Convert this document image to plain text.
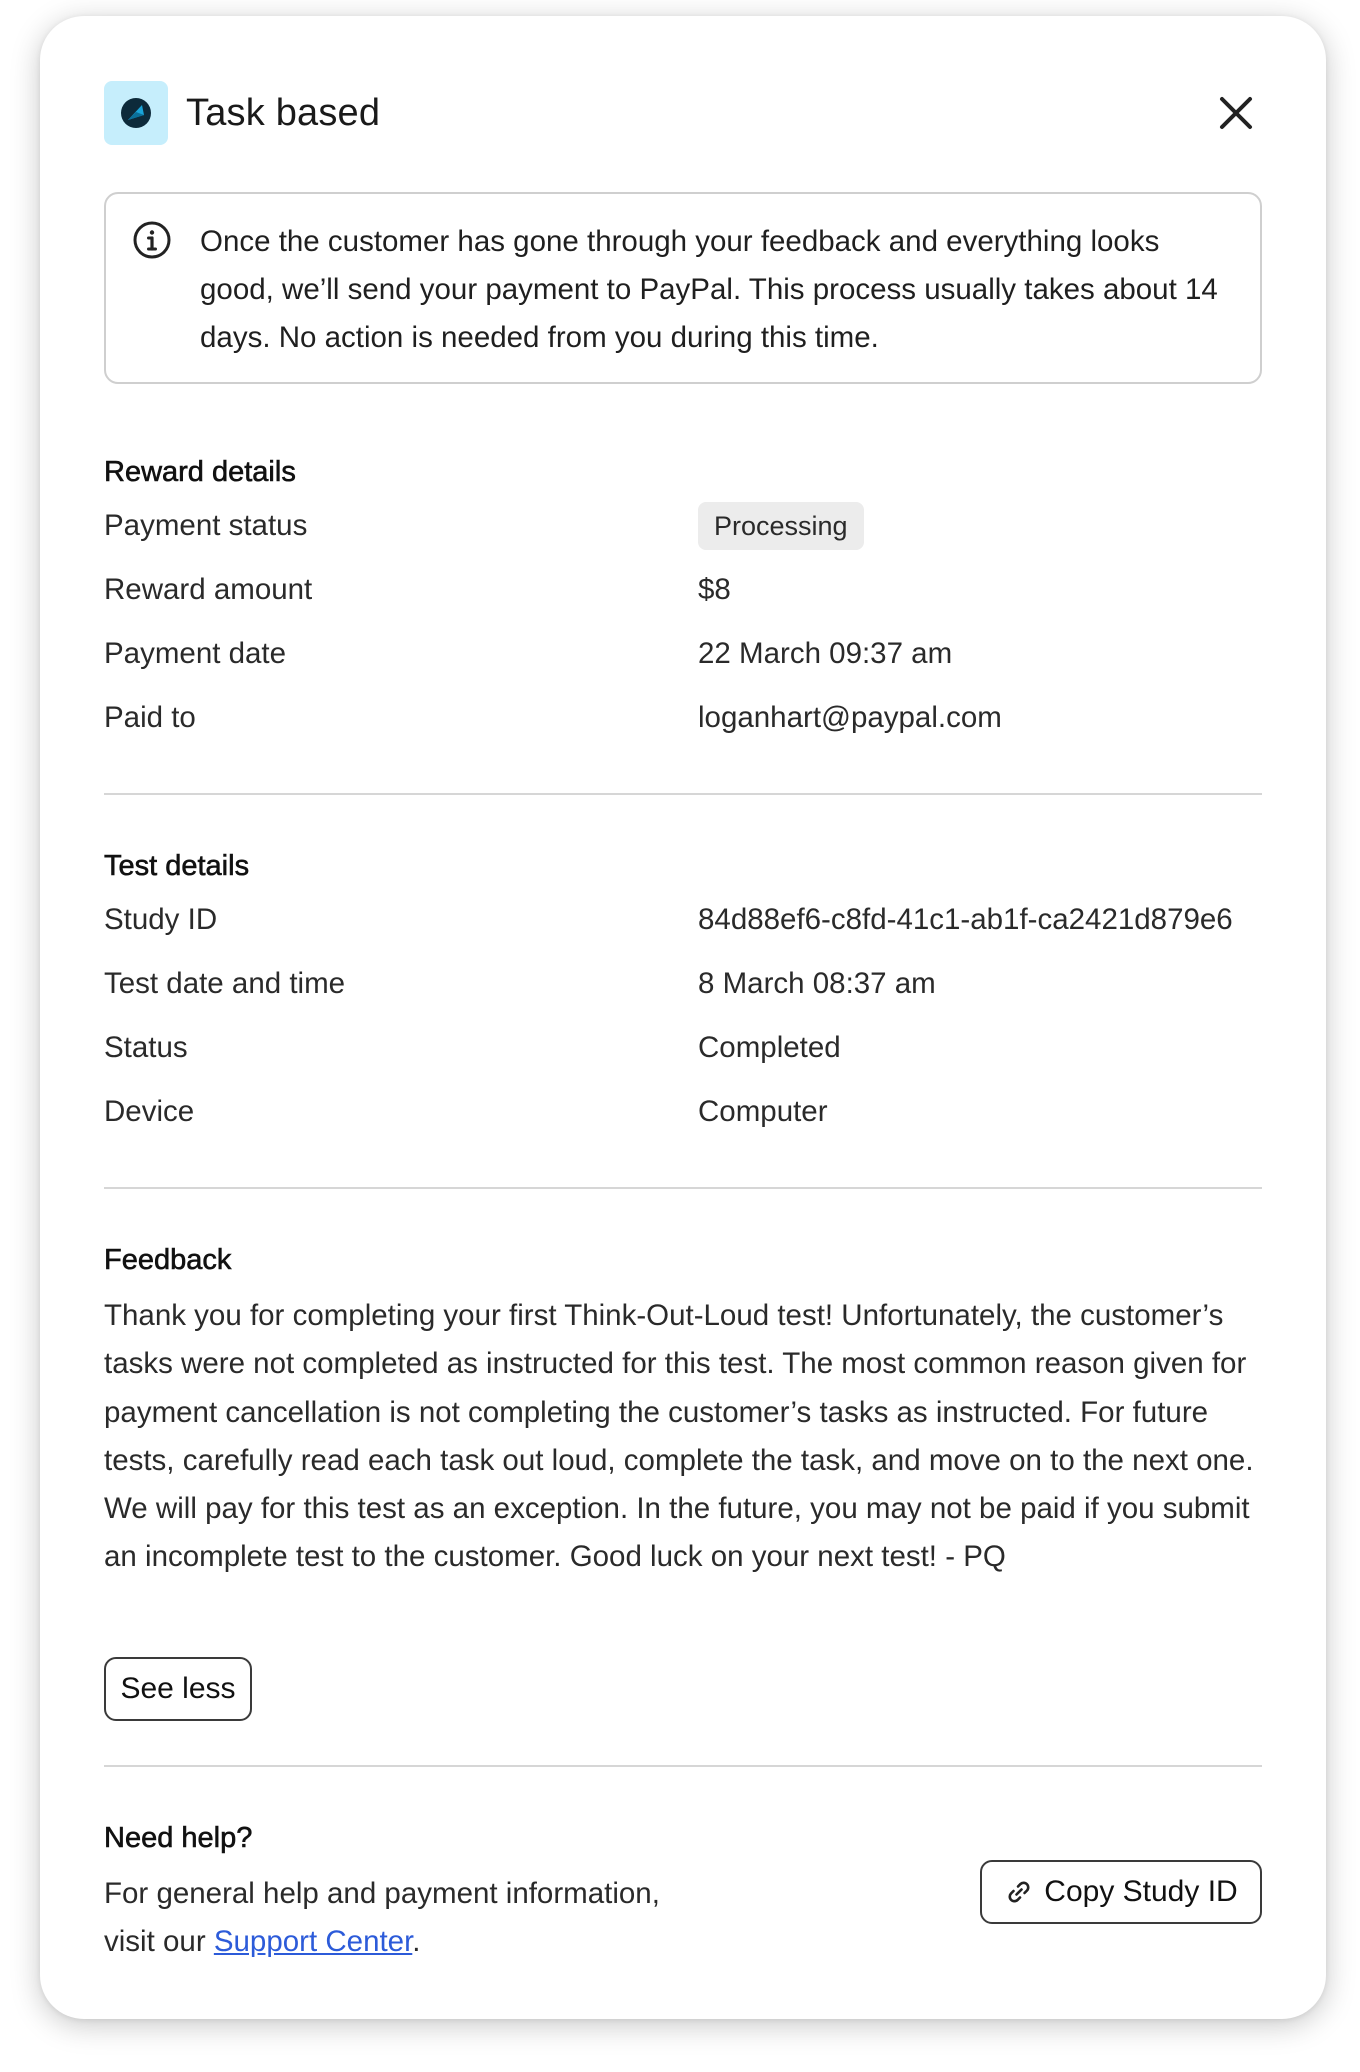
Task based

Once the customer has gone through your feedback and everything looks good, we’ll send your payment to PayPal. This process usually takes about 14 days. No action is needed from you during this time.

Reward details
Payment status	Processing
Reward amount	$8
Payment date	22 March 09:37 am
Paid to	loganhart@paypal.com
Test details
Study ID	84d88ef6-c8fd-41c1-ab1f-ca2421d879e6
Test date and time	8 March 08:37 am
Status	Completed
Device	Computer
Feedback

Thank you for completing your first Think-Out-Loud test! Unfortunately, the customer’s tasks were not completed as instructed for this test. The most common reason given for payment cancellation is not completing the customer’s tasks as instructed. For future tests, carefully read each task out loud, complete the task, and move on to the next one. We will pay for this test as an exception. In the future, you may not be paid if you submit an incomplete test to the customer. Good luck on your next test! - PQ

See less
Need help?

For general help and payment information, visit our Support Center.

Copy Study ID
